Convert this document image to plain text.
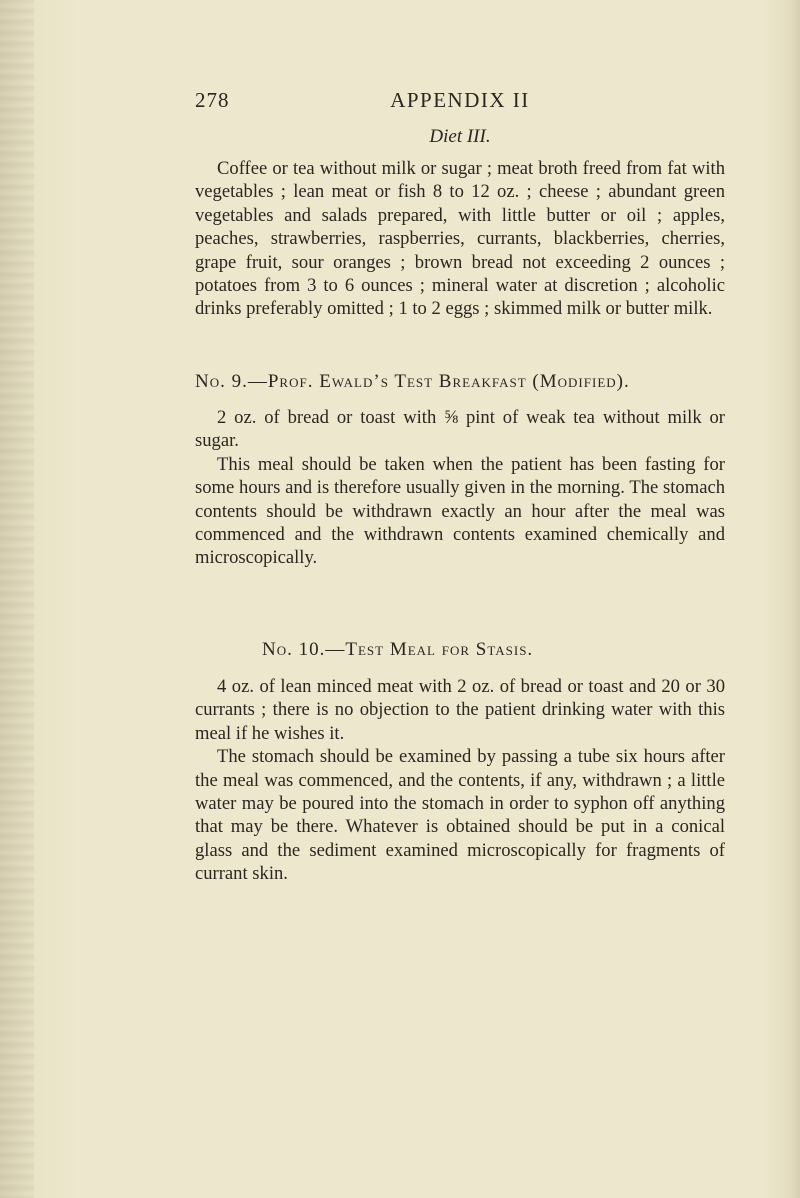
278	APPENDIX II
Diet III.

Coffee or tea without milk or sugar ; meat broth freed from fat with vegetables ; lean meat or fish 8 to 12 oz. ; cheese ; abundant green vegetables and salads prepared, with little butter or oil ; apples, peaches, strawberries, raspberries, currants, blackberries, cherries, grape fruit, sour oranges ; brown bread not exceeding 2 ounces ; potatoes from 3 to 6 ounces ; mineral water at discretion ; alcoholic drinks preferably omitted ; 1 to 2 eggs ; skimmed milk or butter milk.

No. 9.—Prof. Ewald’s Test Breakfast (Modified).

2 oz. of bread or toast with ⅝ pint of weak tea without milk or sugar.

This meal should be taken when the patient has been fasting for some hours and is therefore usually given in the morning. The stomach contents should be withdrawn exactly an hour after the meal was commenced and the withdrawn contents examined chemically and microscopically.

No. 10.—Test Meal for Stasis.

4 oz. of lean minced meat with 2 oz. of bread or toast and 20 or 30 currants ; there is no objection to the patient drinking water with this meal if he wishes it.

The stomach should be examined by passing a tube six hours after the meal was commenced, and the contents, if any, withdrawn ; a little water may be poured into the stomach in order to syphon off anything that may be there. Whatever is obtained should be put in a conical glass and the sediment examined microscopically for fragments of currant skin.
